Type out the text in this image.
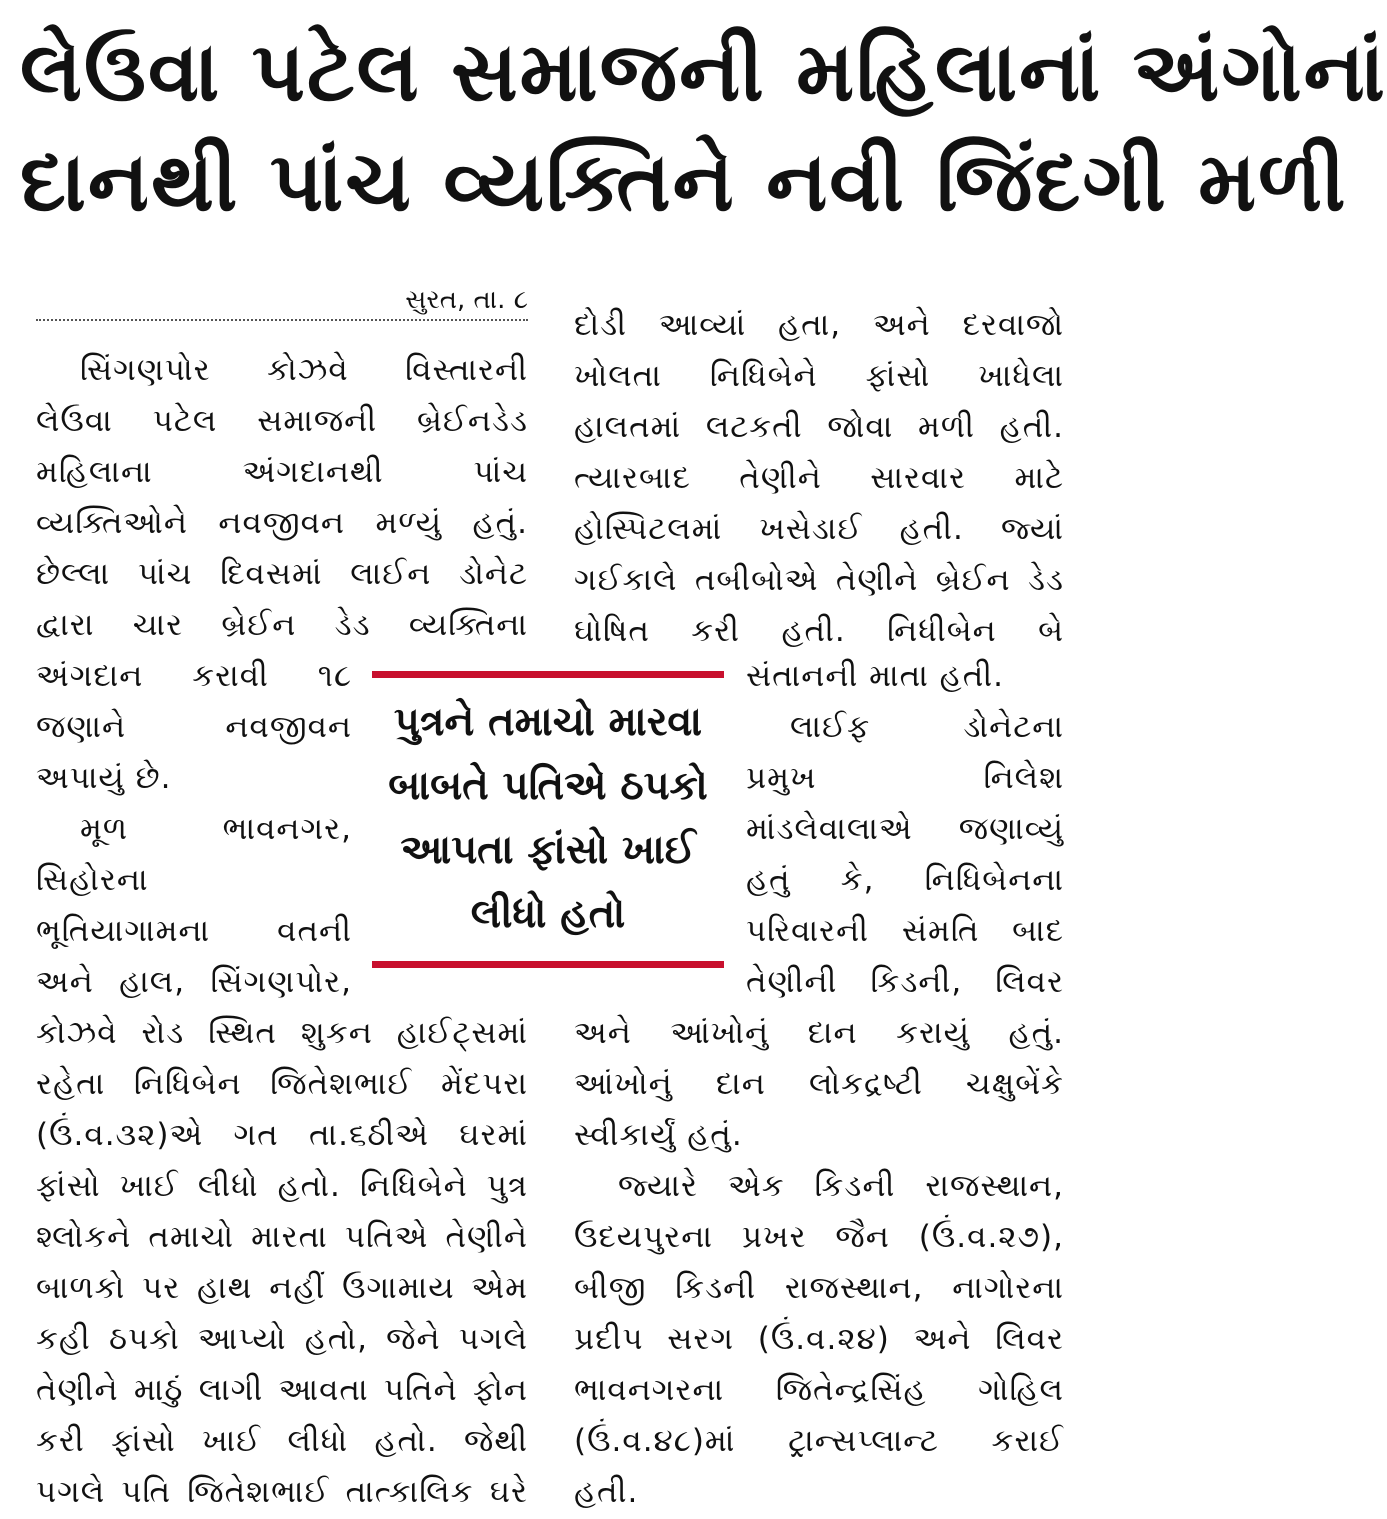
લેઉવા પટેલ સમાજની મહિલાનાં અંગોનાં
દાનથી પાંચ વ્યક્તિને નવી જિંદગી મળી
સુરત, તા. ૮
સિંગણપોર કોઝવે વિસ્તારની
લેઉવા પટેલ સમાજની બ્રેઈનડેડ
મહિલાના અંગદાનથી પાંચ
વ્યક્તિઓને નવજીવન મળ્યું હતું.
છેલ્લા પાંચ દિવસમાં લાઈન ડોનેટ
દ્વારા ચાર બ્રેઈન ડેડ વ્યક્તિના
અંગદાન કરાવી ૧૮
જણાને નવજીવન
અપાયું છે.
મૂળ ભાવનગર,
સિહોરના
ભૂતિયાગામના વતની
અને હાલ, સિંગણપોર,
કોઝવે રોડ સ્થિત શુકન હાઈટ્સમાં
રહેતા નિધિબેન જિતેશભાઈ મેંદપરા
(ઉં.વ.૩૨)એ ગત તા.૬ઠીએ ઘરમાં
ફાંસો ખાઈ લીધો હતો. નિધિબેને પુત્ર
શ્લોકને તમાચો મારતા પતિએ તેણીને
બાળકો પર હાથ નહીં ઉગામાય એમ
કહી ઠપકો આપ્યો હતો, જેને પગલે
તેણીને માઠું લાગી આવતા પતિને ફોન
કરી ફાંસો ખાઈ લીધો હતો. જેથી
પગલે પતિ જિતેશભાઈ તાત્કાલિક ઘરે
દોડી આવ્યાં હતા, અને દરવાજો
ખોલતા નિધિબેને ફાંસો ખાધેલા
હાલતમાં લટકતી જોવા મળી હતી.
ત્યારબાદ તેણીને સારવાર માટે
હોસ્પિટલમાં ખસેડાઈ હતી. જ્યાં
ગઈકાલે તબીબોએ તેણીને બ્રેઈન ડેડ
ઘોષિત કરી હતી. નિધીબેન બે
સંતાનની માતા હતી.
લાઈફ ડોનેટના
પ્રમુખ નિલેશ
માંડલેવાલાએ જણાવ્યું
હતું કે, નિધિબેનના
પરિવારની સંમતિ બાદ
તેણીની કિડની, લિવર
અને આંખોનું દાન કરાયું હતું.
આંખોનું દાન લોકદ્રષ્ટી ચક્ષુબેંકે
સ્વીકાર્યું હતું.
જ્યારે એક કિડની રાજસ્થાન,
ઉદયપુરના પ્રખર જૈન (ઉં.વ.૨૭),
બીજી કિડની રાજસ્થાન, નાગોરના
પ્રદીપ સરગ (ઉં.વ.૨૪) અને લિવર
ભાવનગરના જિતેન્દ્રસિંહ ગોહિલ
(ઉં.વ.૪૮)માં ટ્રાન્સપ્લાન્ટ કરાઈ
હતી.
પુત્રને તમાચો મારવા
બાબતે પતિએ ઠપકો
આપતા ફાંસો ખાઈ
લીધો હતો
